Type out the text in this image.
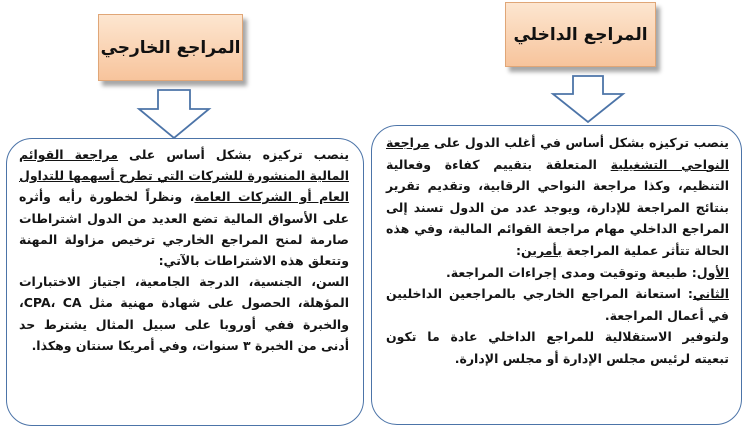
المراجع الخارجي
المراجع الداخلي

ينصب تركيزه بشكل أساس على مراجعة القوائم المالية المنشورة للشركات التي تطرح أسهمها للتداول العام أو الشركات العامة، ونظراً لخطورة رأيه وأثره على الأسواق المالية تضع العديد من الدول اشتراطات صارمة لمنح المراجع الخارجي ترخيص مزاولة المهنة وتتعلق هذه الاشتراطات بالآتي:

السن، الجنسية، الدرجة الجامعية، اجتياز الاختبارات المؤهلة، الحصول على شهادة مهنية مثل CPA، CA، والخبرة ففي أوروبا على سبيل المثال يشترط حد أدنى من الخبرة ٣ سنوات، وفي أمريكا سنتان وهكذا.

ينصب تركيزه بشكل أساس في أغلب الدول على مراجعة النواحي التشغيلية المتعلقة بتقييم كفاءة وفعالية التنظيم، وكذا مراجعة النواحي الرقابية، وتقديم تقرير بنتائج المراجعة للإدارة، ويوجد عدد من الدول تسند إلى المراجع الداخلي مهام مراجعة القوائم المالية، وفي هذه الحالة تتأثر عملية المراجعة بأمرين:

الأول: طبيعة وتوقيت ومدى إجراءات المراجعة.

الثاني: استعانة المراجع الخارجي بالمراجعين الداخليين في أعمال المراجعة.

ولتوفير الاستقلالية للمراجع الداخلي عادة ما تكون تبعيته لرئيس مجلس الإدارة أو مجلس الإدارة.
